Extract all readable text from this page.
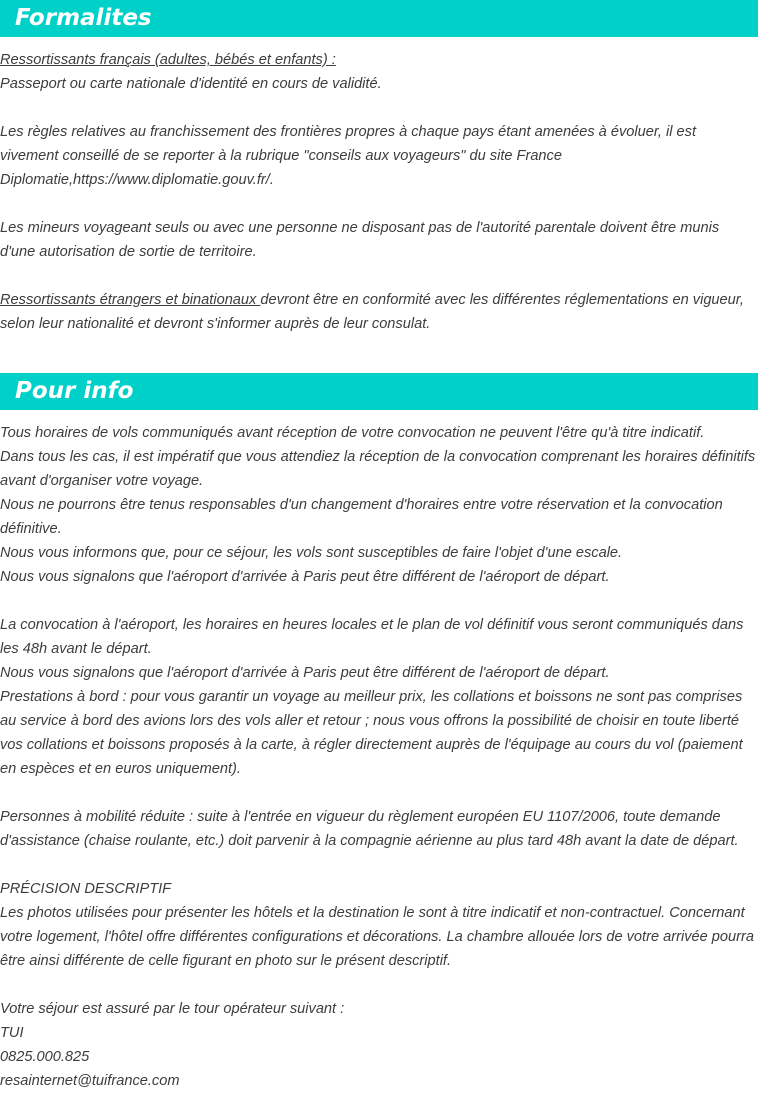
Formalites

Ressortissants français (adultes, bébés et enfants) :

Passeport ou carte nationale d'identité en cours de validité.

Les règles relatives au franchissement des frontières propres à chaque pays étant amenées à évoluer, il est vivement conseillé de se reporter à la rubrique "conseils aux voyageurs" du site France Diplomatie,https://www.diplomatie.gouv.fr/.

Les mineurs voyageant seuls ou avec une personne ne disposant pas de l'autorité parentale doivent être munis d'une autorisation de sortie de territoire.

Ressortissants étrangers et binationaux devront être en conformité avec les différentes réglementations en vigueur, selon leur nationalité et devront s'informer auprès de leur consulat.

Pour info

Tous horaires de vols communiqués avant réception de votre convocation ne peuvent l'être qu'à titre indicatif.

Dans tous les cas, il est impératif que vous attendiez la réception de la convocation comprenant les horaires définitifs avant d'organiser votre voyage.

Nous ne pourrons être tenus responsables d'un changement d'horaires entre votre réservation et la convocation définitive.

Nous vous informons que, pour ce séjour, les vols sont susceptibles de faire l'objet d'une escale.

Nous vous signalons que l'aéroport d'arrivée à Paris peut être différent de l'aéroport de départ.

La convocation à l'aéroport, les horaires en heures locales et le plan de vol définitif vous seront communiqués dans les 48h avant le départ.

Nous vous signalons que l'aéroport d'arrivée à Paris peut être différent de l'aéroport de départ.

Prestations à bord : pour vous garantir un voyage au meilleur prix, les collations et boissons ne sont pas comprises au service à bord des avions lors des vols aller et retour ; nous vous offrons la possibilité de choisir en toute liberté vos collations et boissons proposés à la carte, à régler directement auprès de l'équipage au cours du vol (paiement en espèces et en euros uniquement).

Personnes à mobilité réduite : suite à l'entrée en vigueur du règlement européen EU 1107/2006, toute demande d'assistance (chaise roulante, etc.) doit parvenir à la compagnie aérienne au plus tard 48h avant la date de départ.

PRÉCISION DESCRIPTIF

Les photos utilisées pour présenter les hôtels et la destination le sont à titre indicatif et non-contractuel. Concernant votre logement, l'hôtel offre différentes configurations et décorations. La chambre allouée lors de votre arrivée pourra être ainsi différente de celle figurant en photo sur le présent descriptif.

Votre séjour est assuré par le tour opérateur suivant :

TUI

0825.000.825

resainternet@tuifrance.com
